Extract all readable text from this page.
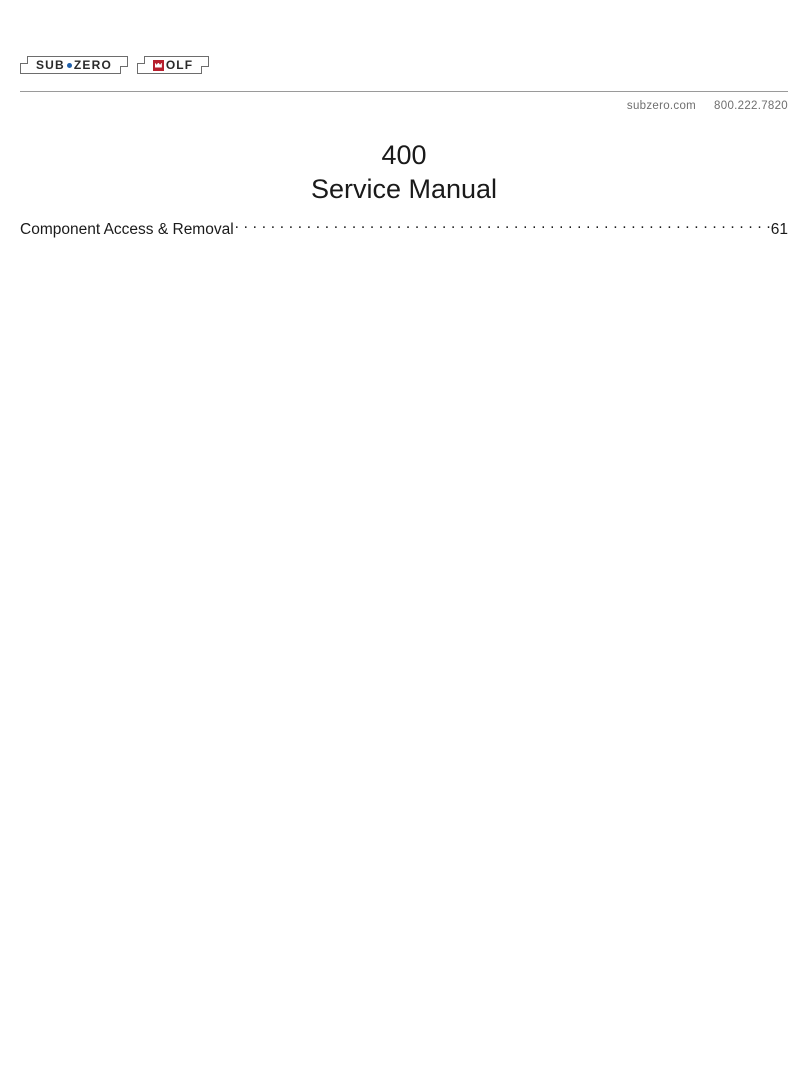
SUB ZERO	OLF
subzero.com 800.222.7820
400
Service Manual
Component Access & Removal . . .	61
